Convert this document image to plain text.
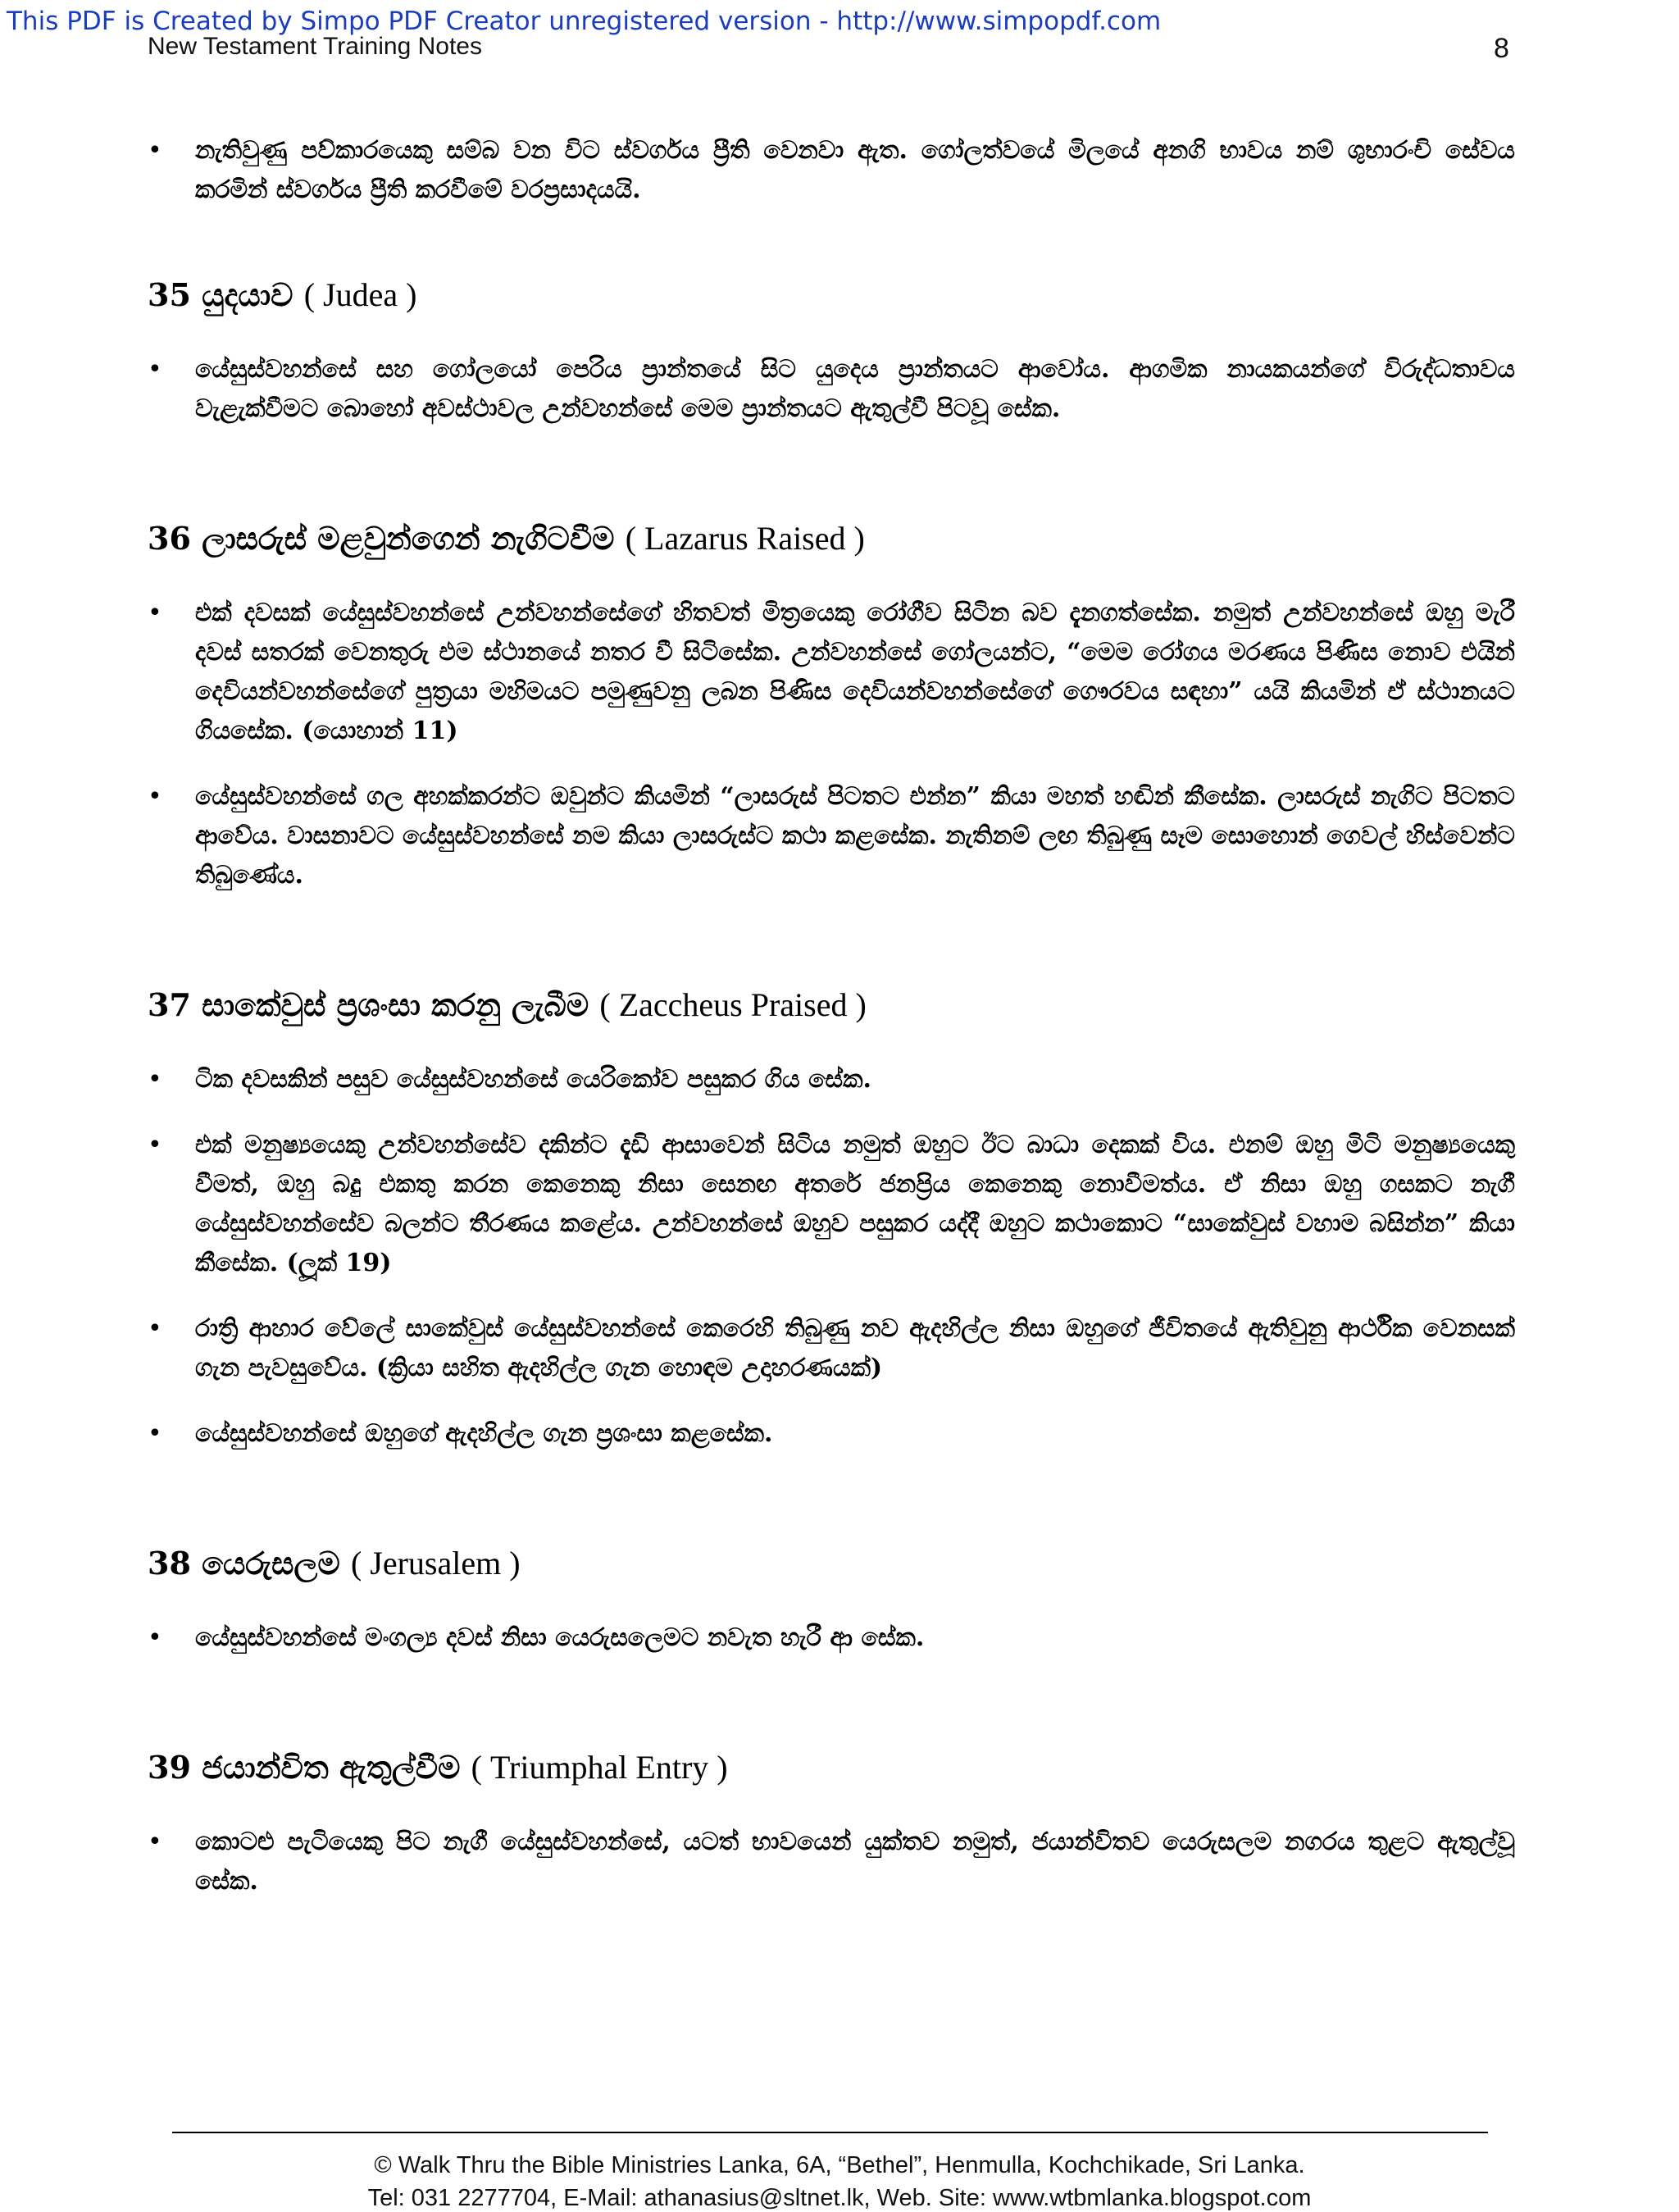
This PDF is Created by Simpo PDF Creator unregistered version - http://www.simpopdf.com
New Testament Training Notes	8
• නැතිවුණු පව්කාරයෙකු සම්බ වන විට ස්වර්ගය ප්‍රීති වෙනවා ඇත. ගෝලත්වයේ මිලයේ අනගි භාවය නම් ශුභාරංචි සේවය කරමින් ස්වර්ගය ප්‍රීති කරවීමේ වරප්‍රසාදයයි.
35 යුදයාව ( Judea )
• යේසුස්වහන්සේ සහ ගෝලයෝ පෙරිය ප්‍රාන්තයේ සිට යුදෙය ප්‍රාන්තයට ආවෝය. ආගමික නායකයන්ගේ විරුද්ධතාවය වැළැක්වීමට බොහෝ අවස්ථාවල උන්වහන්සේ මෙම ප්‍රාන්තයට ඇතුල්වී පිටවූ සේක.
36 ලාසරුස් මළවුන්ගෙන් නැගිටවීම ( Lazarus Raised )
• එක් දවසක් යේසුස්වහන්සේ උන්වහන්සේගේ හිතවත් මිත්‍රයෙකු රෝගීව සිටින බව දැනගත්සේක. නමුත් උන්වහන්සේ ඔහු මැරී දවස් සතරක් වෙනතුරු එම ස්ථානයේ නතර වී සිටිසේක. උන්වහන්සේ ගෝලයන්ට, “මෙම රෝගය මරණය පිණිස නොව එයින් දෙවියන්වහන්සේගේ පුත්‍රයා මහිමයට පමුණුවනු ලබන පිණිස දෙවියන්වහන්සේගේ ගෞරවය සඳහා” යයි කියමින් ඒ ස්ථානයට ගියසේක. (යොහාන් 11)
• යේසුස්වහන්සේ ගල අහක්කරන්ට ඔවුන්ට කියමින් “ලාසරුස් පිටතට එන්න” කියා මහත් හඬින් කීසේක. ලාසරුස් නැගිට පිටතට ආවේය. වාසනාවට යේසුස්වහන්සේ නම කියා ලාසරුස්ට කථා කළසේක. නැතිනම් ලඟ තිබුණු සෑම සොහොන් ගෙවල් හිස්වෙන්ට තිබුණේය.
37 සාකේවුස් ප්‍රශංසා කරනු ලැබීම ( Zaccheus Praised )
• ටික දවසකින් පසුව යේසුස්වහන්සේ යෙරිකෝව පසුකර ගිය සේක.
• එක් මනුෂ්‍යයෙකු උන්වහන්සේව දකින්ට දැඩි ආසාවෙන් සිටිය නමුත් ඔහුට ඊට බාධා දෙකක් විය. එනම් ඔහු මිටි මනුෂ්‍යයෙකු වීමත්, ඔහු බදු එකතු කරන කෙනෙකු නිසා සෙනඟ අතරේ ජනප්‍රිය කෙනෙකු නොවීමත්ය. ඒ නිසා ඔහු ගසකට නැගී යේසුස්වහන්සේව බලන්ට තීරණය කළේය. උන්වහන්සේ ඔහුව පසුකර යද්දී ඔහුට කථාකොට “සාකේවුස් වහාම බසින්න” කියා කීසේක. (ලූක් 19)
• රාත්‍රි ආහාර වේලේ සාකේවුස් යේසුස්වහන්සේ කෙරෙහි තිබුණු නව ඇදහිල්ල නිසා ඔහුගේ ජීවිතයේ ඇතිවුනු ආර්ථික වෙනසක් ගැන පැවසුවේය. (ක්‍රියා සහිත ඇදහිල්ල ගැන හොඳම උදාහරණයක්)
• යේසුස්වහන්සේ ඔහුගේ ඇදහිල්ල ගැන ප්‍රශංසා කළසේක.
38 යෙරුසලම ( Jerusalem )
• යේසුස්වහන්සේ මංගල්‍ය දවස් නිසා යෙරුසලෙමට නවැත හැරී ආ සේක.
39 ජයාන්විත ඇතුල්වීම ( Triumphal Entry )
• කොටළු පැටියෙකු පිට නැගී යේසුස්වහන්සේ, යටත් භාවයෙන් යුක්තව නමුත්, ජයාන්විතව යෙරුසලම නගරය තුළට ඇතුල්වූ සේක.
© Walk Thru the Bible Ministries Lanka, 6A, “Bethel”, Henmulla, Kochchikade, Sri Lanka.
Tel: 031 2277704, E-Mail: athanasius@sltnet.lk, Web. Site: www.wtbmlanka.blogspot.com
